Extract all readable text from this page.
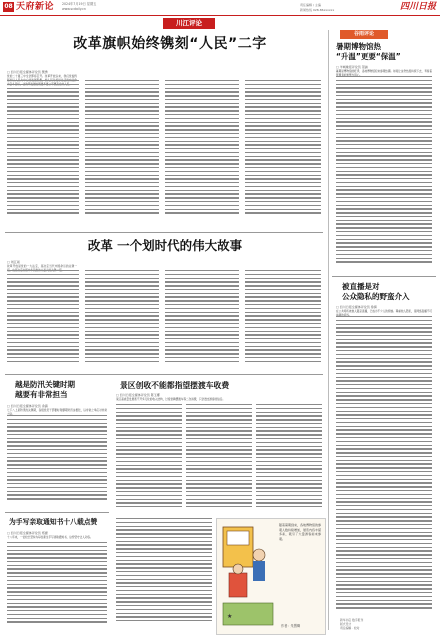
08 天府新论 2024年7月19日 星期五
www.scdaily.cn
责任编辑 / 主编
新闻热线 028-86xxxxxx	四川日报
川江评论
改革旗帜始终镌刻“人民”二字
□ 四川日报全媒体评论员 樊勇
党的二十届三中全会即将召开。改革开放以来，我们党始终
改革 一个划时代的伟大故事
□ 刘江雨
改革开放是党的一大法宝，是决定当代中国命运的关键一
谷雨评论
暑期博物馆热
“升温”更要“保温”
□ 羊城晚报评论员 贺浦
暑期是博物馆的旺季，各地博物馆迎来参观热潮。如何让这份热度持续下去，考验着
越是防汛关键时期
越要有非常担当
□ 四川日报全媒体评论员 余涌
七下八上是防汛的关键期，各级党员干部要时刻绷紧防汛这根弦，以非常之举应对非常
景区创收不能都指望摆渡车收费
□ 四川日报全媒体评论员 陈玉娜
景区高质量发展离不开多元化的收入结构，过度依赖摆渡车等二次消费，只会透支游客的信任。
为手写亲取通知书十八载点赞
□ 四川日报全媒体评论员 郑媛
十八年来，一位校长坚持为每位新生手写录取通知书，这份坚守让人动容。
★
随着暑期到来，各地博物馆的参观人数持续增加，展览内容丰富多彩，吸引了大量游客前来参观。
作者：朱慧卿
被直播是对
公众隐私的野蛮介入
□ 四川日报全媒体评论员 徐倩
在公共场所被他人随意直播，已成为不少人的烦恼。尊重他人隐私，是网络直播不可
新华书店 数字报刊
版式设计
责任编辑 · 校对
